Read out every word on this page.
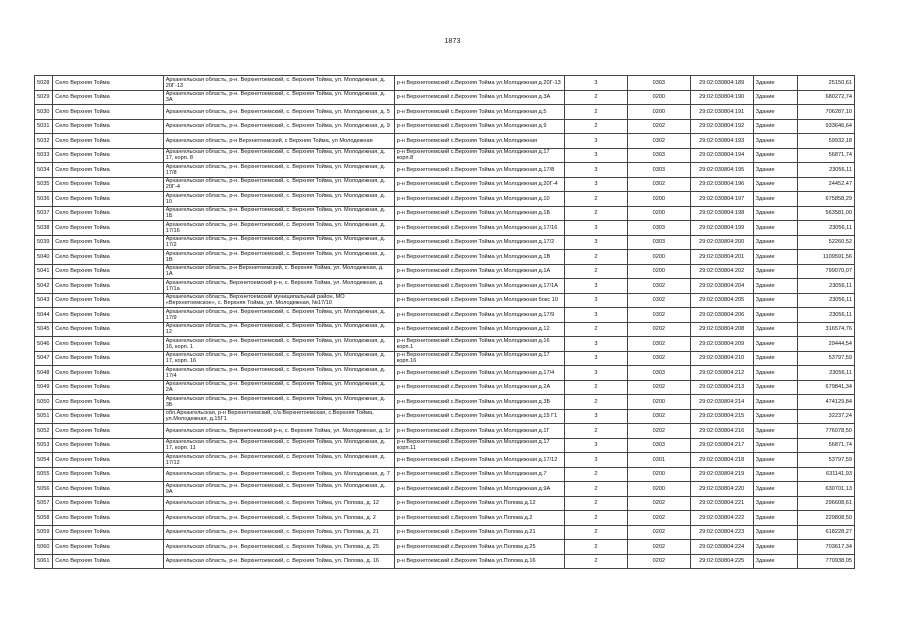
1873
5028	Село Верхняя Тойма	Архангельская область, р-н. Верхнетоемский, с. Верхняя Тойма, ул. Молодежная, д. 20Г-13	р-н Верхнетоемский с.Верхняя Тойма ул.Молодежная д.20Г-13	3	0303	29:02:030804:189	Здание	25150,61
5029	Село Верхняя Тойма	Архангельская область, р-н. Верхнетоемский, с. Верхняя Тойма, ул. Молодежная, д. 3А	р-н Верхнетоемский с.Верхняя Тойма ул.Молодежная д.3А	2	0200	29:02:030804:190	Здание	680272,74
5030	Село Верхняя Тойма	Архангельская область, р-н. Верхнетоемский, с. Верхняя Тойма, ул. Молодежная, д. 5	р-н Верхнетоемский с.Верхняя Тойма ул.Молодежная д.5	2	0200	29:02:030804:191	Здание	706287,10
5031	Село Верхняя Тойма	Архангельская область, р-н. Верхнетоемский, с. Верхняя Тойма, ул. Молодежная, д. 9	р-н Верхнетоемский с.Верхняя Тойма ул.Молодежная д.9	2	0202	29:02:030804:192	Здание	933646,64
5032	Село Верхняя Тойма	Архангельская область, р-н Верхнетоемский, с Верхняя Тойма, ул Молодежная	р-н Верхнетоемский с.Верхняя Тойма ул.Молодежная	3	0302	29:02:030804:193	Здание	59932,18
5033	Село Верхняя Тойма	Архангельская область, р-н. Верхнетоемский, с. Верхняя Тойма, ул. Молодежная, д. 17, корп. 8	р-н Верхнетоемский с.Верхняя Тойма ул.Молодежная д.17 корп.8	3	0303	29:02:030804:194	Здание	56871,74
5034	Село Верхняя Тойма	Архангельская область, р-н. Верхнетоемский, с. Верхняя Тойма, ул. Молодежная, д. 17/8	р-н Верхнетоемский с.Верхняя Тойма ул.Молодежная д.17/8	3	0303	29:02:030804:195	Здание	23056,11
5035	Село Верхняя Тойма	Архангельская область, р-н. Верхнетоемский, с. Верхняя Тойма, ул. Молодежная, д. 20Г-4	р-н Верхнетоемский с.Верхняя Тойма ул.Молодежная д.20Г-4	3	0302	29:02:030804:196	Здание	24452,47
5036	Село Верхняя Тойма	Архангельская область, р-н. Верхнетоемский, с. Верхняя Тойма, ул. Молодежная, д. 10	р-н Верхнетоемский с.Верхняя Тойма ул.Молодежная д.10	2	0200	29:02:030804:197	Здание	675858,29
5037	Село Верхняя Тойма	Архангельская область, р-н. Верхнетоемский, с. Верхняя Тойма, ул. Молодежная, д. 1Б	р-н Верхнетоемский с.Верхняя Тойма ул.Молодежная д.1Б	2	0200	29:02:030804:198	Здание	563581,00
5038	Село Верхняя Тойма	Архангельская область, р-н. Верхнетоемский, с. Верхняя Тойма, ул. Молодежная, д. 17/16	р-н Верхнетоемский с.Верхняя Тойма ул.Молодежная д.17/16	3	0303	29:02:030804:199	Здание	23056,11
5039	Село Верхняя Тойма	Архангельская область, р-н. Верхнетоемский, с. Верхняя Тойма, ул. Молодежная, д. 17/2	р-н Верхнетоемский с.Верхняя Тойма ул.Молодежная д.17/2	3	0303	29:02:030804:200	Здание	52260,52
5040	Село Верхняя Тойма	Архангельская область, р-н. Верхнетоемский, с. Верхняя Тойма, ул. Молодежная, д. 1В	р-н Верхнетоемский с.Верхняя Тойма ул.Молодежная д.1В	2	0200	29:02:030804:201	Здание	1109591,56
5041	Село Верхняя Тойма	Архангельская область, р-н Верхнетоемский, с. Верхняя Тойма, ул. Молодежная, д. 1А	р-н Верхнетоемский с.Верхняя Тойма ул.Молодежная д.1А	2	0200	29:02:030804:202	Здание	799070,07
5042	Село Верхняя Тойма	Архангельская область, Верхнетоемский р-н, с. Верхняя Тойма, ул. Молодежная, д. 17/1а	р-н Верхнетоемский с.Верхняя Тойма ул.Молодежная д.17/1А	3	0302	29:02:030804:204	Здание	23056,11
5043	Село Верхняя Тойма	Архангельская область, Верхнетоемский муниципальный район, МО «Верхнетоемское», с. Верхняя Тойма, ул. Молодежная, №17/10	р-н Верхнетоемский с.Верхняя Тойма ул.Молодежная бокс 10	3	0302	29:02:030804:205	Здание	23056,11
5044	Село Верхняя Тойма	Архангельская область, р-н. Верхнетоемский, с. Верхняя Тойма, ул. Молодежная, д. 17/9	р-н Верхнетоемский с.Верхняя Тойма ул.Молодежная д.17/9	3	0302	29:02:030804:206	Здание	23056,11
5045	Село Верхняя Тойма	Архангельская область, р-н. Верхнетоемский, с. Верхняя Тойма, ул. Молодежная, д. 12	р-н Верхнетоемский с.Верхняя Тойма ул.Молодежная д.12	2	0202	29:02:030804:208	Здание	316574,76
5046	Село Верхняя Тойма	Архангельская область, р-н. Верхнетоемский, с. Верхняя Тойма, ул. Молодежная, д. 16, корп. 1	р-н Верхнетоемский с.Верхняя Тойма ул.Молодежная д.16 корп.1	3	0302	29:02:030804:209	Здание	29444,54
5047	Село Верхняя Тойма	Архангельская область, р-н. Верхнетоемский, с. Верхняя Тойма, ул. Молодежная, д. 17, корп. 16	р-н Верхнетоемский с.Верхняя Тойма ул.Молодежная д.17 корп.16	3	0302	29:02:030804:210	Здание	53797,59
5048	Село Верхняя Тойма	Архангельская область, р-н. Верхнетоемский, с. Верхняя Тойма, ул. Молодежная, д. 17/4	р-н Верхнетоемский с.Верхняя Тойма ул.Молодежная д.17/4	3	0303	29:02:030804:212	Здание	23056,11
5049	Село Верхняя Тойма	Архангельская область, р-н. Верхнетоемский, с. Верхняя Тойма, ул. Молодежная, д. 2А	р-н Верхнетоемский с.Верхняя Тойма ул.Молодежная д.2А	2	0202	29:02:030804:213	Здание	679841,34
5050	Село Верхняя Тойма	Архангельская область, р-н. Верхнетоемский, с. Верхняя Тойма, ул. Молодежная, д. 3Б	р-н Верхнетоемский с.Верхняя Тойма ул.Молодежная д.3Б	2	0200	29:02:030804:214	Здание	474129,84
5051	Село Верхняя Тойма	обл.Архангельская, р-н Верхнетоемский, с/а Верхнетоемская, с.Верхняя Тойма, ул.Молодежная, д.15Г1	р-н Верхнетоемский с.Верхняя Тойма ул.Молодежная д.15 Г1	3	0302	29:02:030804:215	Здание	32237,24
5052	Село Верхняя Тойма	Архангельская область, Верхнетоемский р-н, с. Верхняя Тойма, ул. Молодежная, д. 1г	р-н Верхнетоемский с.Верхняя Тойма ул.Молодежная д.1Г	2	0202	29:02:030804:216	Здание	776078,50
5053	Село Верхняя Тойма	Архангельская область, р-н. Верхнетоемский, с. Верхняя Тойма, ул. Молодежная, д. 17, корп. 11	р-н Верхнетоемский с.Верхняя Тойма ул.Молодежная д.17 корп.11	3	0303	29:02:030804:217	Здание	56871,74
5054	Село Верхняя Тойма	Архангельская область, р-н. Верхнетоемский, с. Верхняя Тойма, ул. Молодежная, д. 17/12	р-н Верхнетоемский с.Верхняя Тойма ул.Молодежная д.17/12	3	0301	29:02:030804:218	Здание	53797,59
5055	Село Верхняя Тойма	Архангельская область, р-н. Верхнетоемский, с. Верхняя Тойма, ул. Молодежная, д. 7	р-н Верхнетоемский с.Верхняя Тойма ул.Молодежная д.7	2	0200	29:02:030804:219	Здание	631141,93
5056	Село Верхняя Тойма	Архангельская область, р-н. Верхнетоемский, с. Верхняя Тойма, ул. Молодежная, д. 9А	р-н Верхнетоемский с.Верхняя Тойма ул.Молодежная д.9А	2	0200	29:02:030804:220	Здание	630701,13
5057	Село Верхняя Тойма	Архангельская область, р-н. Верхнетоемский, с. Верхняя Тойма, ул. Попова, д. 12	р-н Верхнетоемский с.Верхняя Тойма ул.Попова д.12	2	0202	29:02:030804:221	Здание	296608,61
5058	Село Верхняя Тойма	Архангельская область, р-н. Верхнетоемский, с. Верхняя Тойма, ул. Попова, д. 2	р-н Верхнетоемский с.Верхняя Тойма ул.Попова д.2	2	0202	29:02:030804:222	Здание	229808,50
5059	Село Верхняя Тойма	Архангельская область, р-н. Верхнетоемский, с. Верхняя Тойма, ул. Попова, д. 21	р-н Верхнетоемский с.Верхняя Тойма ул.Попова д.21	2	0202	29:02:030804:223	Здание	618228,27
5060	Село Верхняя Тойма	Архангельская область, р-н. Верхнетоемский, с. Верхняя Тойма, ул. Попова, д. 25	р-н Верхнетоемский с.Верхняя Тойма ул.Попова д.25	2	0202	29:02:030804:224	Здание	703617,34
5061	Село Верхняя Тойма	Архангельская область, р-н. Верхнетоемский, с. Верхняя Тойма, ул. Попова, д. 16	р-н Верхнетоемский с.Верхняя Тойма ул.Попова д.16	2	0202	29:02:030804:225	Здание	770938,05
